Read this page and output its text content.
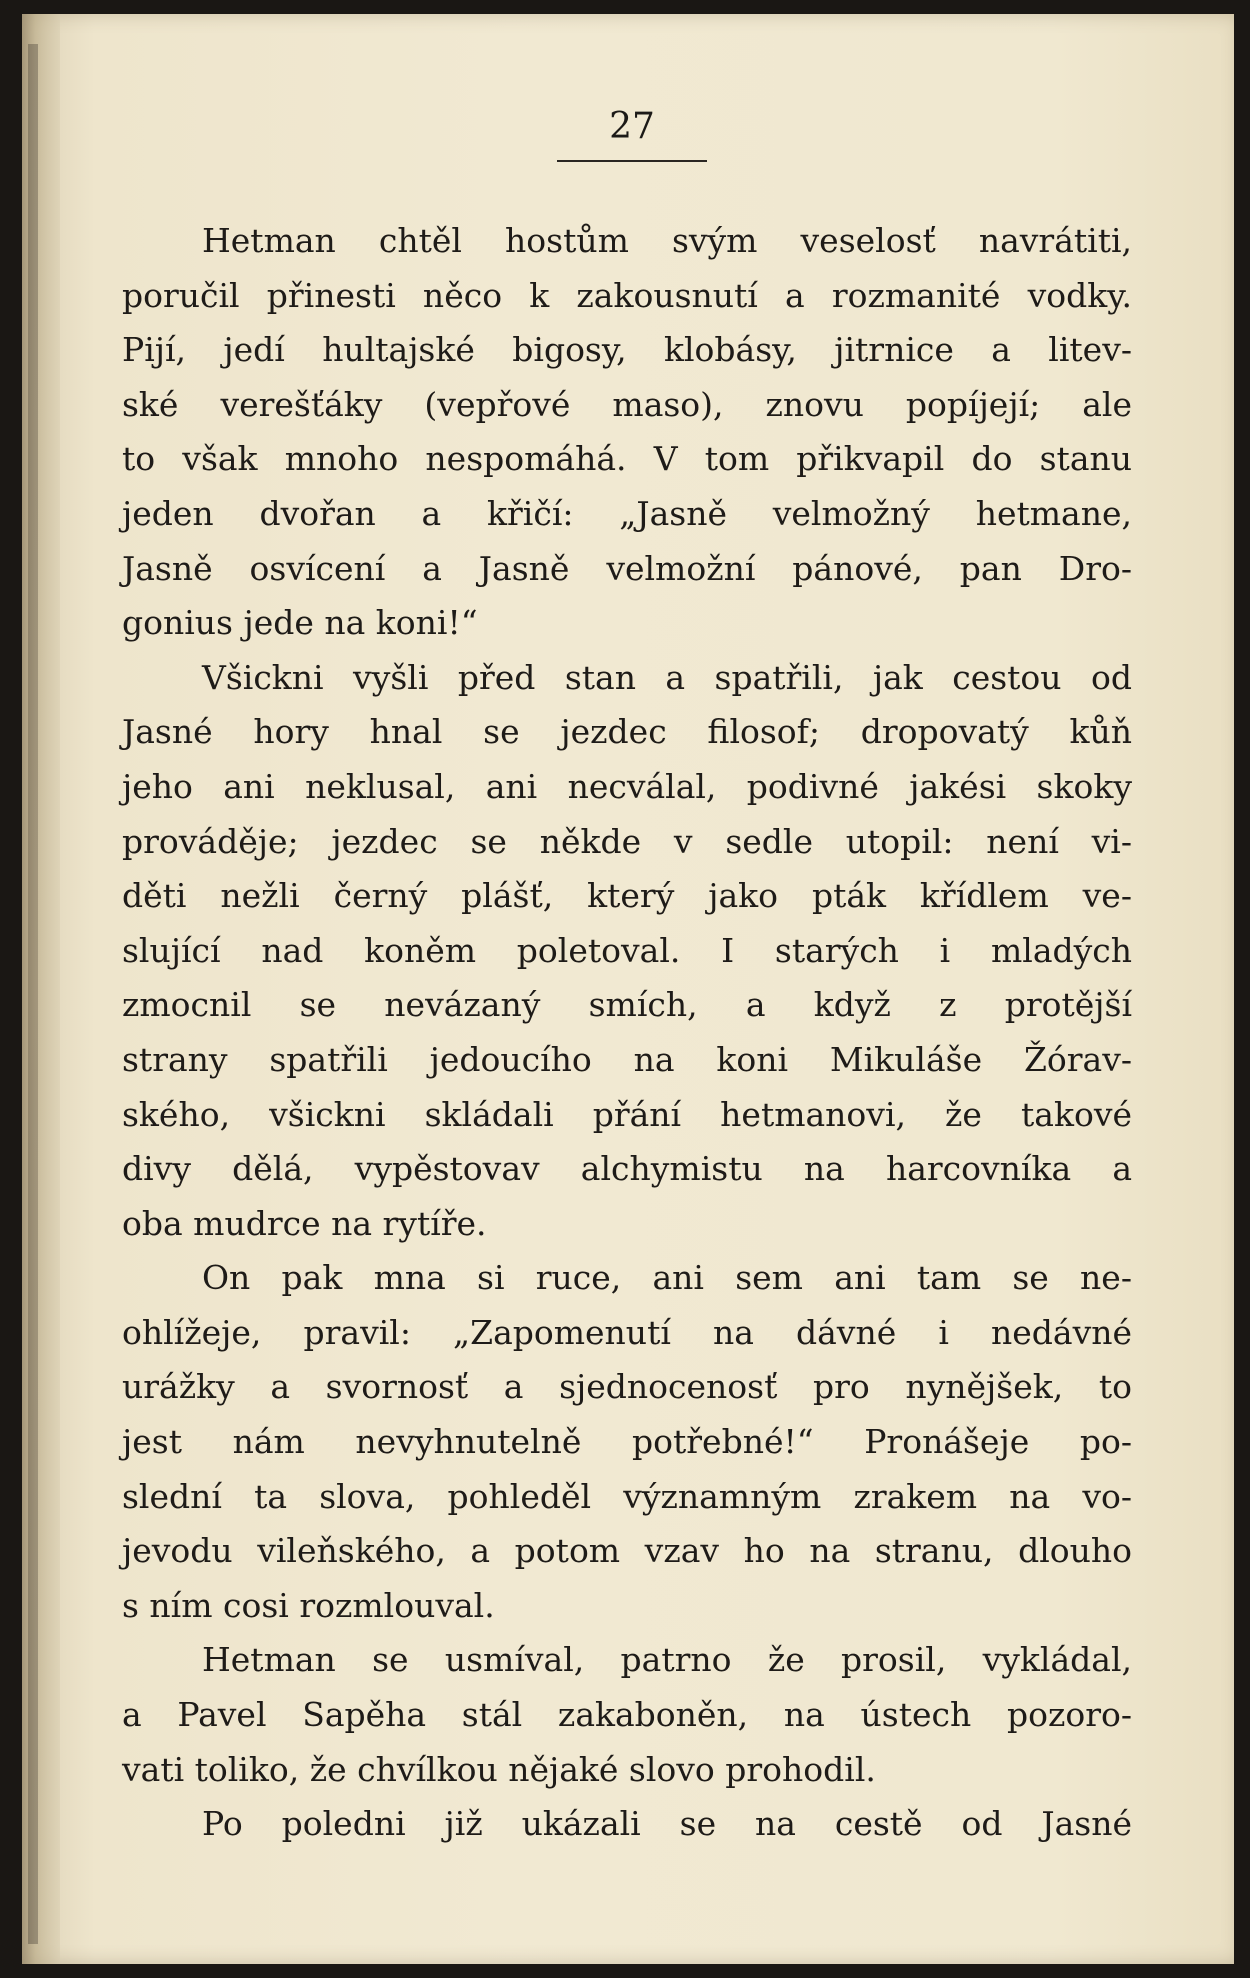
27
Hetman chtěl hostům svým veselosť navrátiti,
poručil přinesti něco k zakousnutí a rozmanité vodky.
Pijí, jedí hultajské bigosy, klobásy, jitrnice a litev-
ské verešťáky (vepřové maso), znovu popíjejí; ale
to však mnoho nespomáhá. V tom přikvapil do stanu
jeden dvořan a křičí: „Jasně velmožný hetmane,
Jasně osvícení a Jasně velmožní pánové, pan Dro-
gonius jede na koni!“
Všickni vyšli před stan a spatřili, jak cestou od
Jasné hory hnal se jezdec filosof; dropovatý kůň
jeho ani neklusal, ani necválal, podivné jakési skoky
prováděje; jezdec se někde v sedle utopil: není vi-
děti nežli černý plášť, který jako pták křídlem ve-
slující nad koněm poletoval. I starých i mladých
zmocnil se nevázaný smích, a když z protější
strany spatřili jedoucího na koni Mikuláše Žórav-
ského, všickni skládali přání hetmanovi, že takové
divy dělá, vypěstovav alchymistu na harcovníka a
oba mudrce na rytíře.
On pak mna si ruce, ani sem ani tam se ne-
ohlížeje, pravil: „Zapomenutí na dávné i nedávné
urážky a svornosť a sjednocenosť pro nynějšek, to
jest nám nevyhnutelně potřebné!“ Pronášeje po-
slední ta slova, pohleděl významným zrakem na vo-
jevodu vileňského, a potom vzav ho na stranu, dlouho
s ním cosi rozmlouval.
Hetman se usmíval, patrno že prosil, vykládal,
a Pavel Sapěha stál zakaboněn, na ústech pozoro-
vati toliko, že chvílkou nějaké slovo prohodil.
Po poledni již ukázali se na cestě od Jasné
